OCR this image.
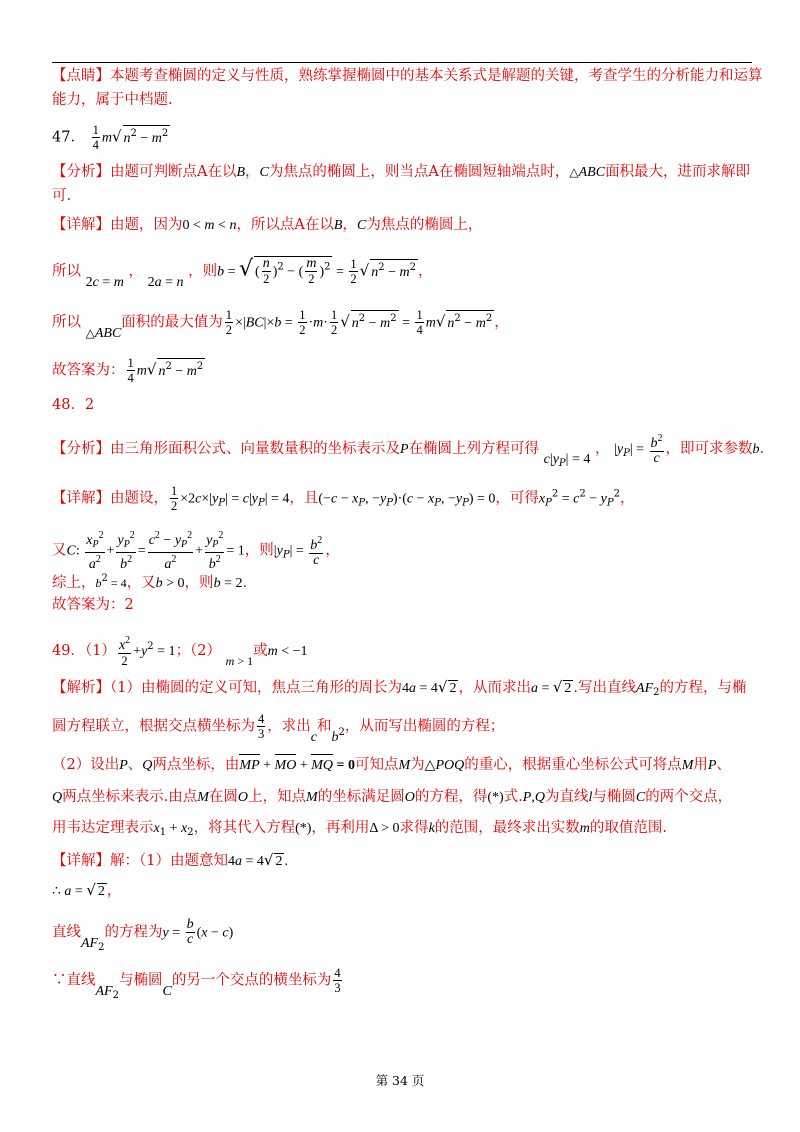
【点睛】本题考查椭圆的定义与性质，熟练掌握椭圆中的基本关系式是解题的关键，考查学生的分析能力和运算
能力，属于中档题.
47． $\frac{1}{4} m√$ $n^2 - m^2$
【分析】由题可判断点A在以B，C为焦点的椭圆上，则当点A在椭圆短轴端点时，△ABC面积最大，进而求解即
可.
【详解】由题，因为0 < m < n，所以点A在以B，C为焦点的椭圆上，
所以 2c = m ， 2a = n ，则b = √ ( $\frac{n}{2} )^2$ − ( $\frac{m}{2} )^2 = \frac{1}{2}$ √ $n^2 - m^2$ ，
所以 △ABC面积的最大值为 $\frac{1}{2} \times|BC|\times b = \frac{1}{2} \cdot m\cdot \frac{1}{2}$ √ $n^2 - m^2 = \frac{1}{4} m√$ $n^2 - m^2$ ，
故答案为： $\frac{1}{4} m√$ $n^2 - m^2$
48．2
【分析】由三角形面积公式、向量数量积的坐标表示及P在椭圆上列方程可得 $c|y_P| = 4$ ， $|y_P| = \frac{b^2}{c}$ ，即可求参数b.
【详解】由题设， $\frac{1}{2} \times 2c\times|y_P| = c|y_P| = 4$，且($-c - x_P$, $-y_P)\cdot(c - x_P$, $-y_P) = 0$，可得$x_P^2 = c^2 - y_P^2$，
又C: $\frac{x_P^2}{a^2} + \frac{y_P^2}{b^2} = \frac{c^2 - y_P^2}{a^2} + \frac{y_P^2}{b^2} = 1$，则$|y_P| = \frac{b^2}{c}$ ，
综上，$b^2 = 4$，又b > 0，则b = 2.
故答案为：2
49．$(1) \frac{x^2}{2} +y^2 = 1$；（2） m > 1或m < −1
【解析】（1）由椭圆的定义可知，焦点三角形的周长为4a = 4√ 2 ，从而求出a = √ 2 .写出直线$AF_2$的方程，与椭
圆方程联立，根据交点横坐标为 $\frac{4}{3}$ ，求出c和$b^2$，从而写出椭圆的方程；
（2）设出P、Q两点坐标，由MP + MO + MQ = 0可知点M为△POQ的重心，根据重心坐标公式可将点M用P、
Q两点坐标来表示.由点M在圆O上，知点M的坐标满足圆O的方程，得(*)式.P,Q为直线l与椭圆C的两个交点，
用韦达定理表示$x_1 + x_2$，将其代入方程(*)，再利用Δ > 0求得k的范围，最终求出实数m的取值范围.
【详解】解：（1）由题意知4a = 4√ 2 .
∴ a = √ 2 ，
直线$AF_2$的方程为$y = \frac{b}{c} (x - c)$
∵直线$AF_2$与椭圆C的另一个交点的横坐标为 $\frac{4}{3}$
第 34 页
